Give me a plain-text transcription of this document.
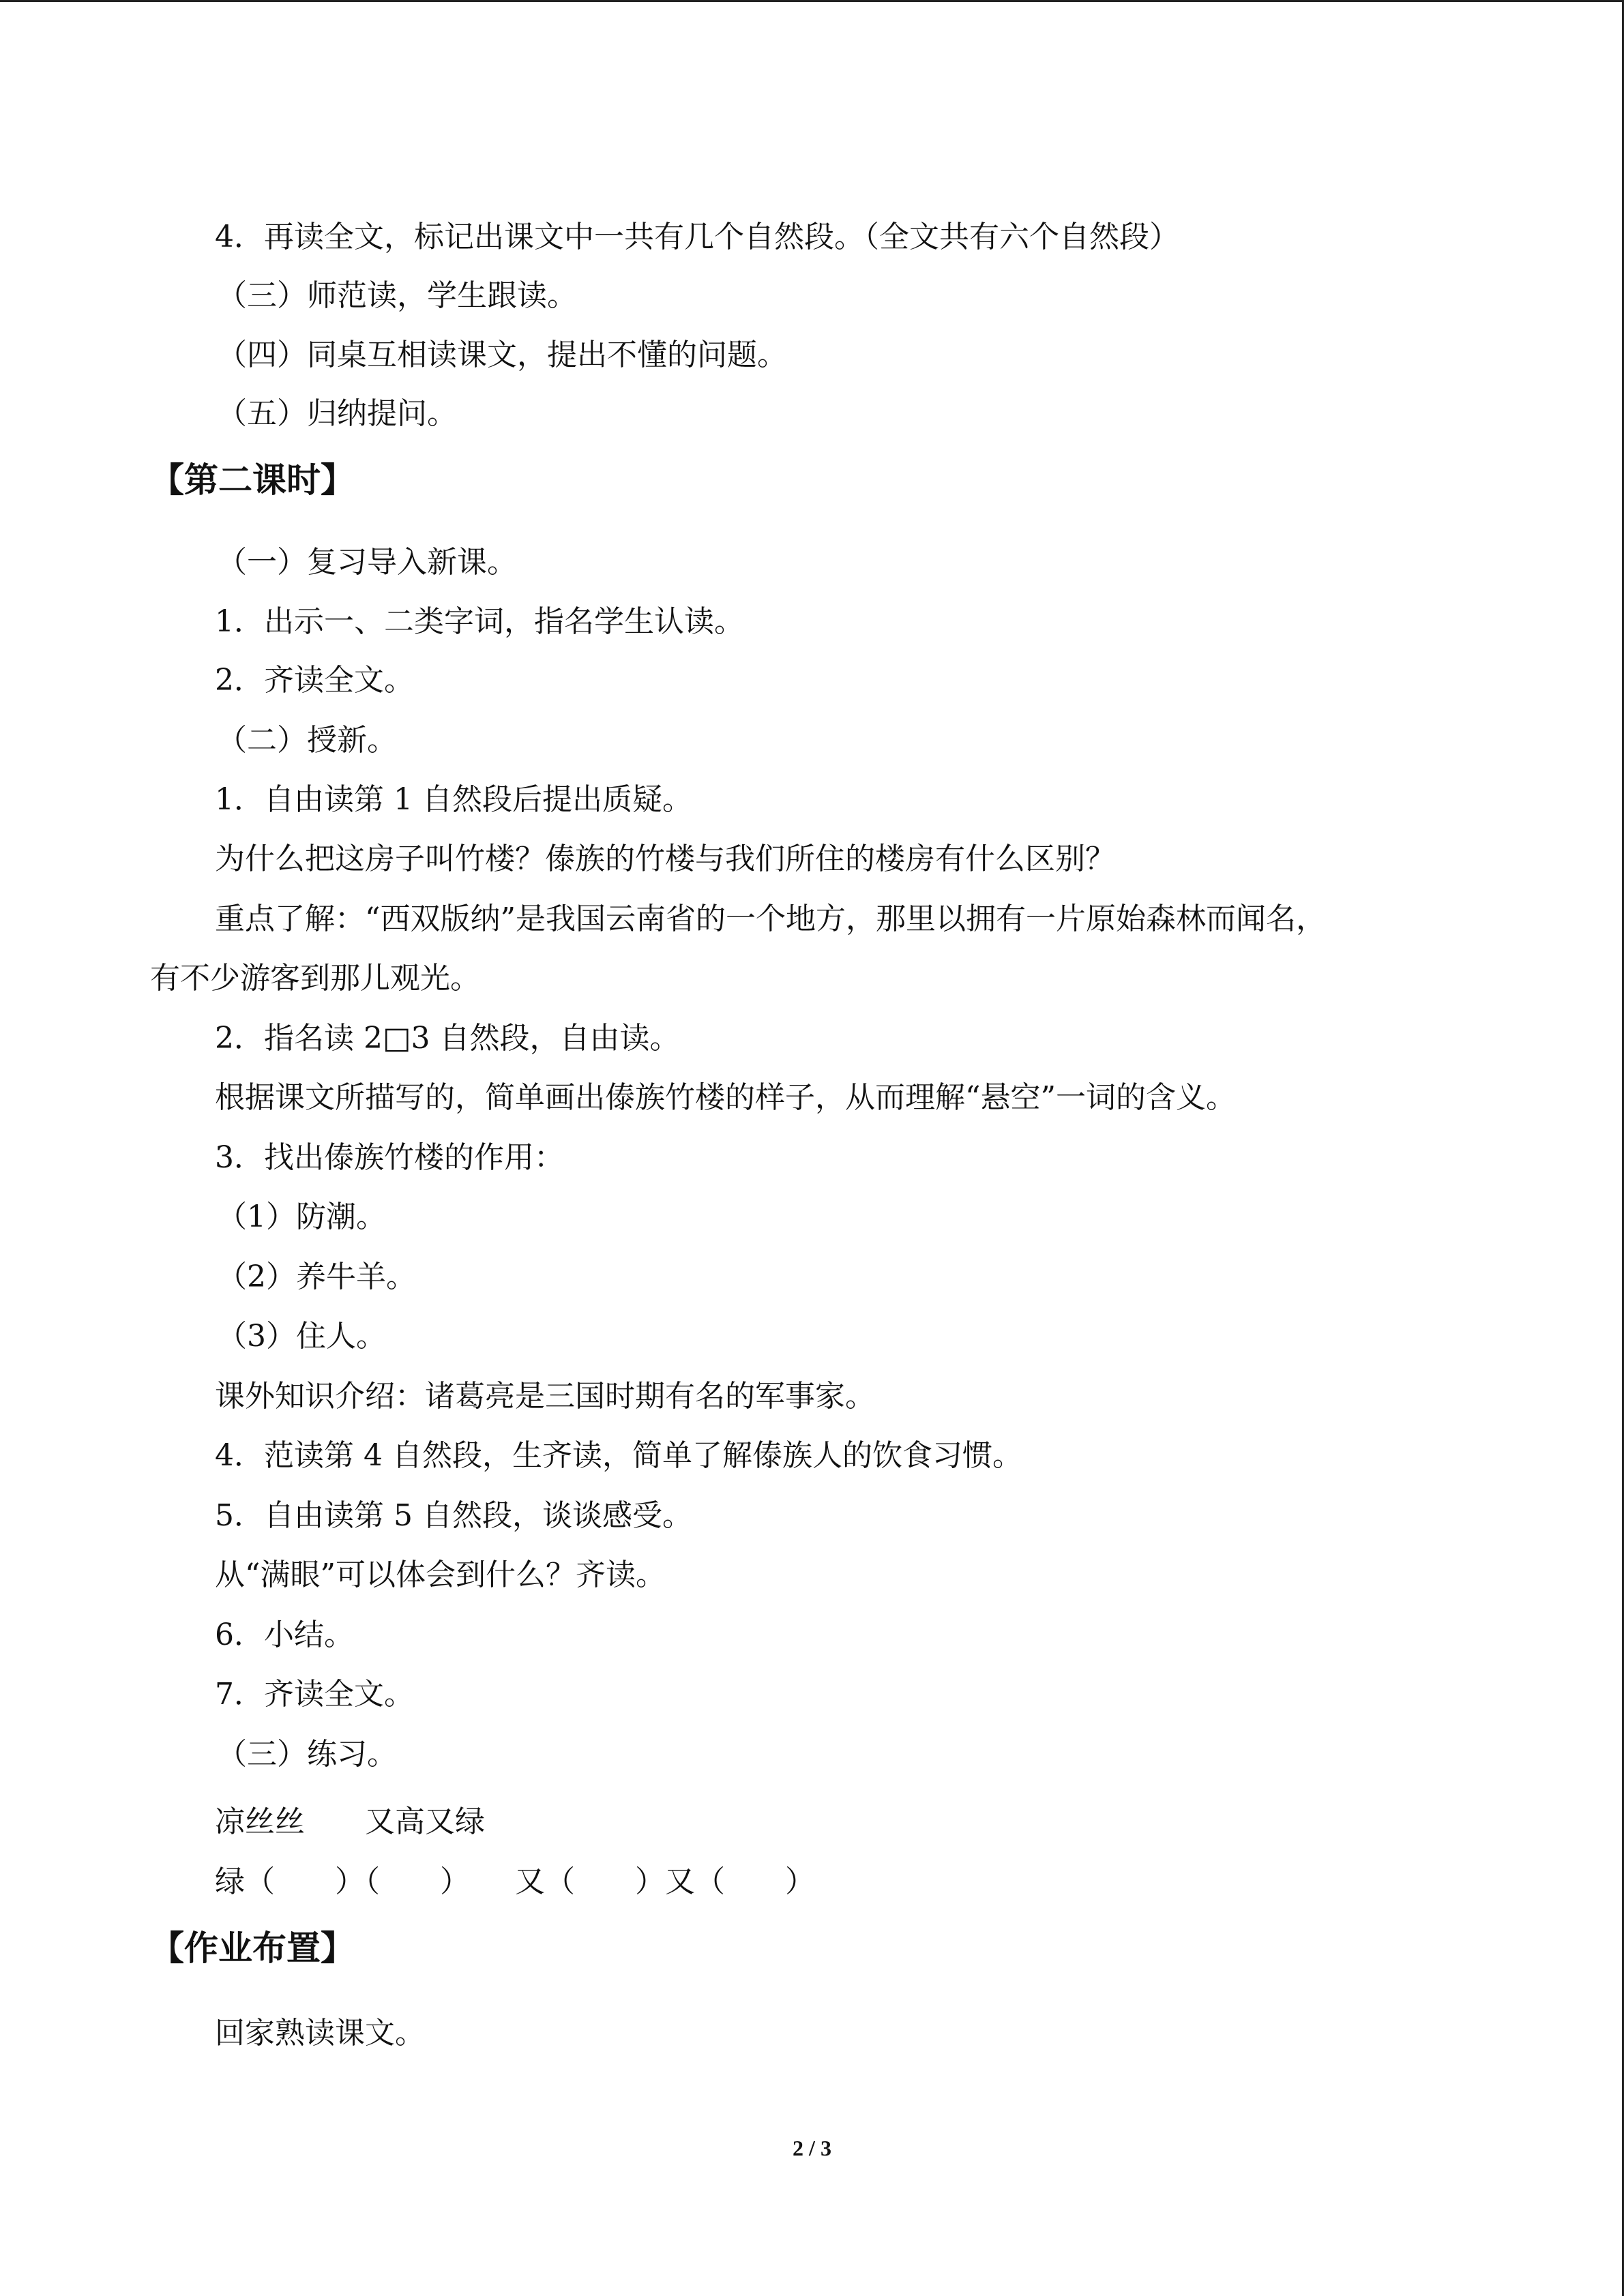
4．再读全文，标记出课文中一共有几个自然段。（全文共有六个自然段）
（三）师范读，学生跟读。
（四）同桌互相读课文，提出不懂的问题。
（五）归纳提问。
【第二课时】
（一）复习导入新课。
1．出示一、二类字词，指名学生认读。
2．齐读全文。
（二）授新。
1．自由读第 1 自然段后提出质疑。
为什么把这房子叫竹楼？傣族的竹楼与我们所住的楼房有什么区别？
重点了解：“西双版纳”是我国云南省的一个地方，那里以拥有一片原始森林而闻名，
有不少游客到那儿观光。
2．指名读 2□3 自然段，自由读。
根据课文所描写的，简单画出傣族竹楼的样子，从而理解“悬空”一词的含义。
3．找出傣族竹楼的作用：
（1）防潮。
（2）养牛羊。
（3）住人。
课外知识介绍：诸葛亮是三国时期有名的军事家。
4．范读第 4 自然段，生齐读，简单了解傣族人的饮食习惯。
5．自由读第 5 自然段，谈谈感受。
从“满眼”可以体会到什么？齐读。
6．小结。
7．齐读全文。
（三）练习。
凉丝丝　　又高又绿
绿（　　）（　　）　　又（　　）又（　　）
【作业布置】
回家熟读课文。
2 / 3
